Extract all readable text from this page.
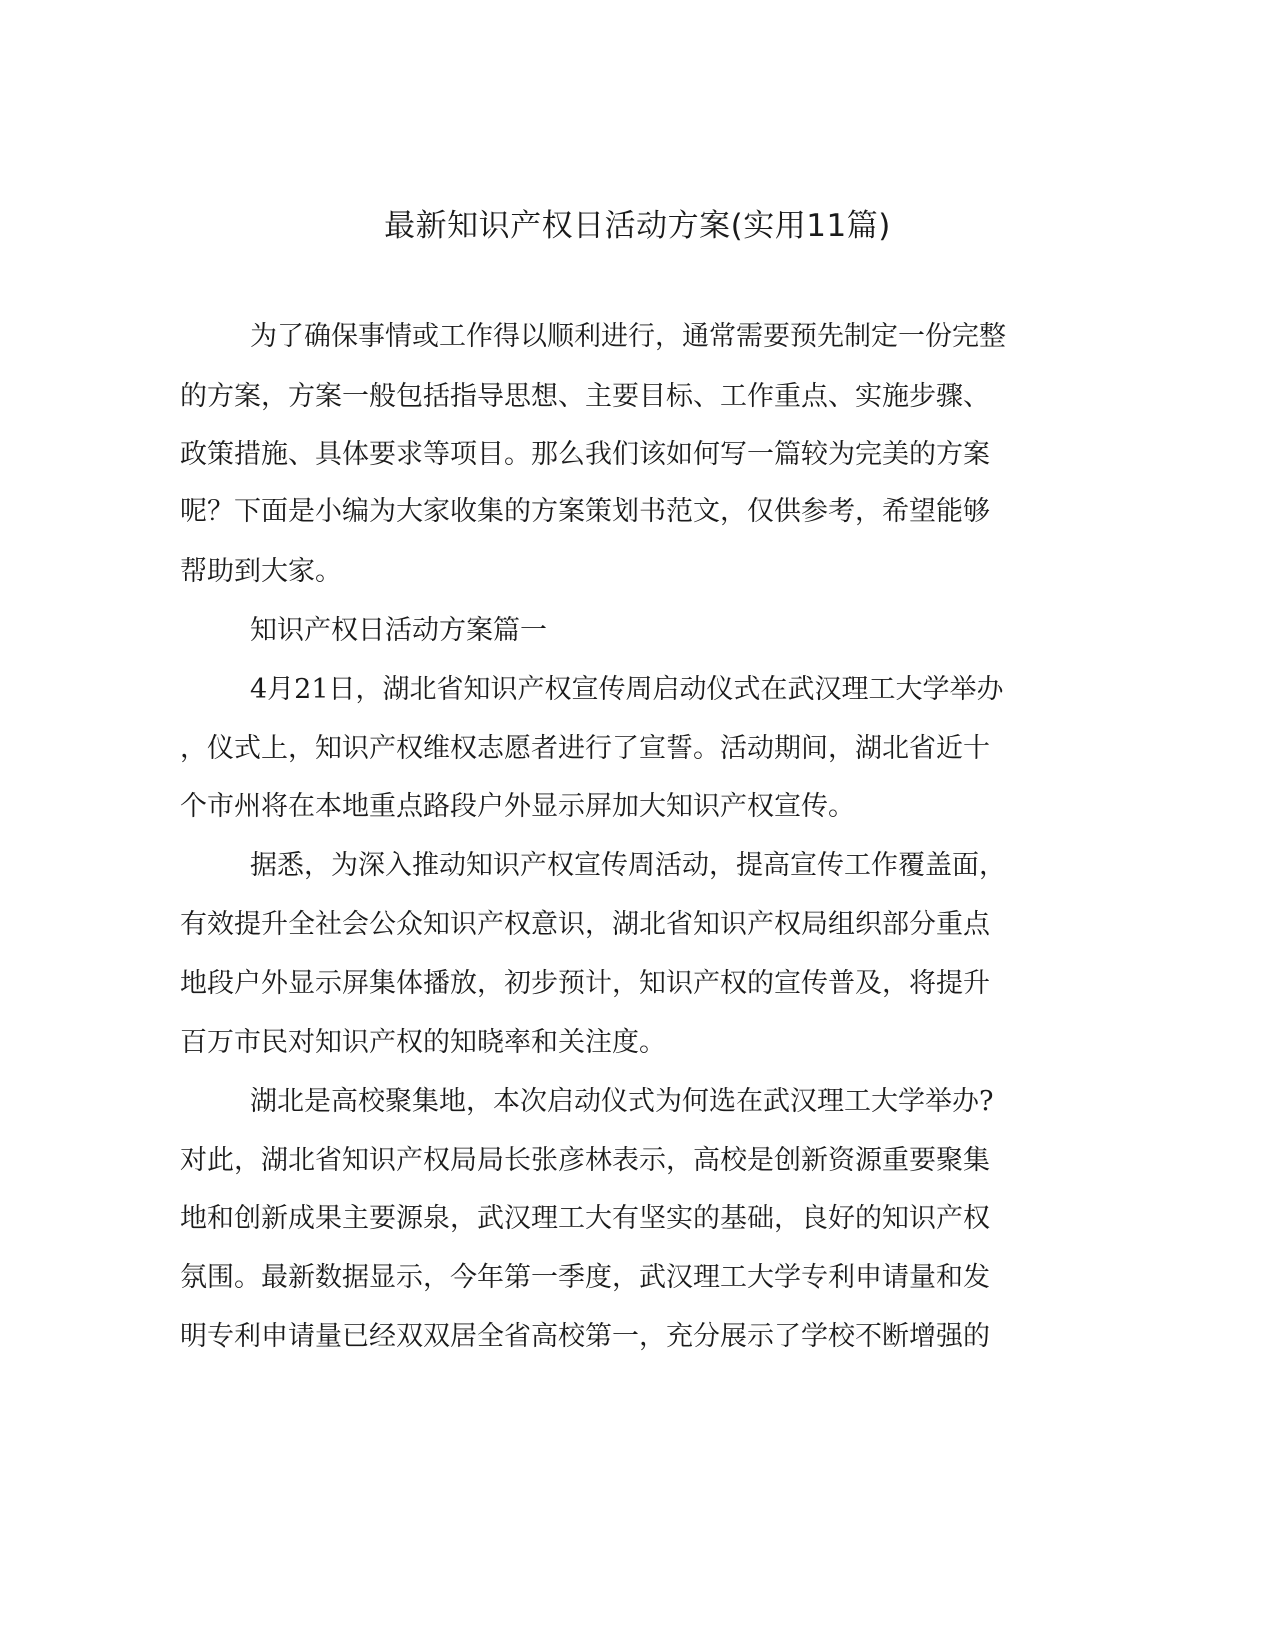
最新知识产权日活动方案(实用11篇)

为了确保事情或工作得以顺利进行，通常需要预先制定一份完整

的方案，方案一般包括指导思想、主要目标、工作重点、实施步骤、

政策措施、具体要求等项目。那么我们该如何写一篇较为完美的方案

呢？下面是小编为大家收集的方案策划书范文，仅供参考，希望能够

帮助到大家。

知识产权日活动方案篇一

4月21日，湖北省知识产权宣传周启动仪式在武汉理工大学举办

，仪式上，知识产权维权志愿者进行了宣誓。活动期间，湖北省近十

个市州将在本地重点路段户外显示屏加大知识产权宣传。

据悉，为深入推动知识产权宣传周活动，提高宣传工作覆盖面，

有效提升全社会公众知识产权意识，湖北省知识产权局组织部分重点

地段户外显示屏集体播放，初步预计，知识产权的宣传普及，将提升

百万市民对知识产权的知晓率和关注度。

湖北是高校聚集地，本次启动仪式为何选在武汉理工大学举办?

对此，湖北省知识产权局局长张彦林表示，高校是创新资源重要聚集

地和创新成果主要源泉，武汉理工大有坚实的基础，良好的知识产权

氛围。最新数据显示，今年第一季度，武汉理工大学专利申请量和发

明专利申请量已经双双居全省高校第一，充分展示了学校不断增强的
